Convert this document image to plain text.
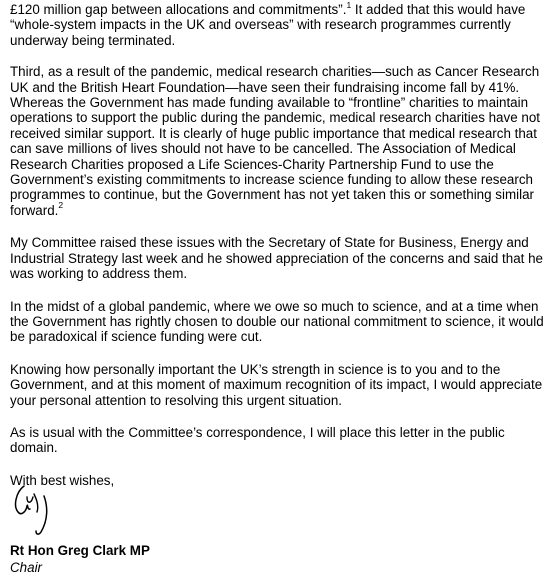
£120 million gap between allocations and commitments”.$^1$ It added that this would have “whole-system impacts in the UK and overseas” with research programmes currently underway being terminated.

Third, as a result of the pandemic, medical research charities—such as Cancer Research UK and the British Heart Foundation—have seen their fundraising income fall by 41%. Whereas the Government has made funding available to “frontline” charities to maintain operations to support the public during the pandemic, medical research charities have not received similar support. It is clearly of huge public importance that medical research that can save millions of lives should not have to be cancelled. The Association of Medical Research Charities proposed a Life Sciences-Charity Partnership Fund to use the Government’s existing commitments to increase science funding to allow these research programmes to continue, but the Government has not yet taken this or something similar forward.$^2$

My Committee raised these issues with the Secretary of State for Business, Energy and Industrial Strategy last week and he showed appreciation of the concerns and said that he was working to address them.

In the midst of a global pandemic, where we owe so much to science, and at a time when the Government has rightly chosen to double our national commitment to science, it would be paradoxical if science funding were cut.

Knowing how personally important the UK’s strength in science is to you and to the Government, and at this moment of maximum recognition of its impact, I would appreciate your personal attention to resolving this urgent situation.

As is usual with the Committee’s correspondence, I will place this letter in the public domain.

With best wishes,

Rt Hon Greg Clark MP

Chair
